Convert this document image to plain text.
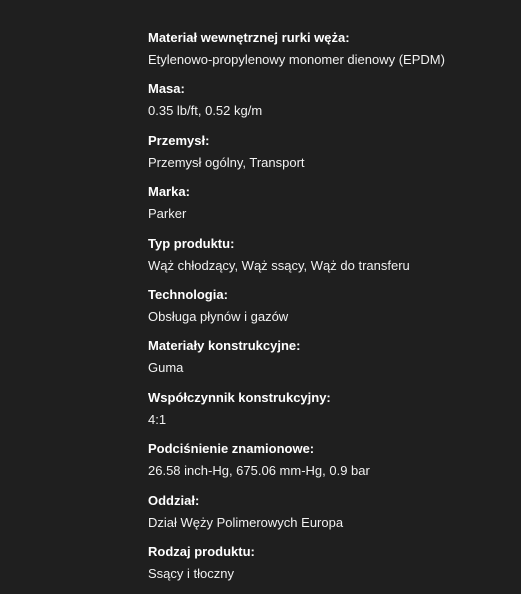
Materiał wewnętrznej rurki węża:
Etylenowo-propylenowy monomer dienowy (EPDM)
Masa:
0.35 lb/ft, 0.52 kg/m
Przemysł:
Przemysł ogólny, Transport
Marka:
Parker
Typ produktu:
Wąż chłodzący, Wąż ssący, Wąż do transferu
Technologia:
Obsługa płynów i gazów
Materiały konstrukcyjne:
Guma
Współczynnik konstrukcyjny:
4:1
Podciśnienie znamionowe:
26.58 inch-Hg, 675.06 mm-Hg, 0.9 bar
Oddział:
Dział Węży Polimerowych Europa
Rodzaj produktu:
Ssący i tłoczny
